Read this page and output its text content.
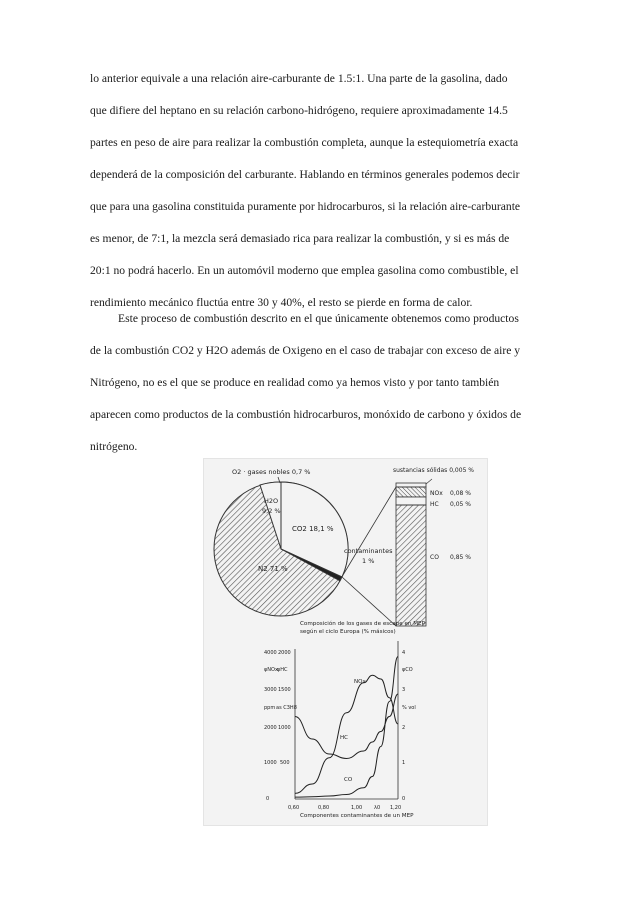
lo anterior equivale a una relación aire-carburante de 1.5:1. Una parte de la gasolina, dado
que difiere del heptano en su relación carbono-hidrógeno, requiere aproximadamente 14.5
partes en peso de aire para realizar la combustión completa, aunque la estequiometría exacta
dependerá de la composición del carburante. Hablando en términos generales podemos decir
que para una gasolina constituida puramente por hidrocarburos, si la relación aire-carburante
es menor, de 7:1, la mezcla será demasiado rica para realizar la combustión, y si es más de
20:1 no podrá hacerlo. En un automóvil moderno que emplea gasolina como combustible, el
rendimiento mecánico fluctúa entre 30 y 40%, el resto se pierde en forma de calor.
Este proceso de combustión descrito en el que únicamente obtenemos como productos
de la combustión CO2 y H2O además de Oxigeno en el caso de trabajar con exceso de aire y
Nitrógeno, no es el que se produce en realidad como ya hemos visto y por tanto también
aparecen como productos de la combustión hidrocarburos, monóxido de carbono y óxidos de
nitrógeno.
O2 · gases nobles 0,7 %
H2O
9,2 %
CO2 18,1 %
N2 71 %
contaminantes
1 %
sustancias sólidas 0,005 %
NOx 0,08 %
HC 0,05 %
CO 0,85 %
Composición de los gases de escape en MEP
según el ciclo Europa (% másicos)
φNOx φHC	φCO
ppm as C3H8	% vol
4000
3000
2000
1000
0
2000
1500
1000
500
4
3
2
1
0
0,60	0,80	1,00	1,20
λ0
Componentes contaminantes de un MEP
NOx
HC
CO
